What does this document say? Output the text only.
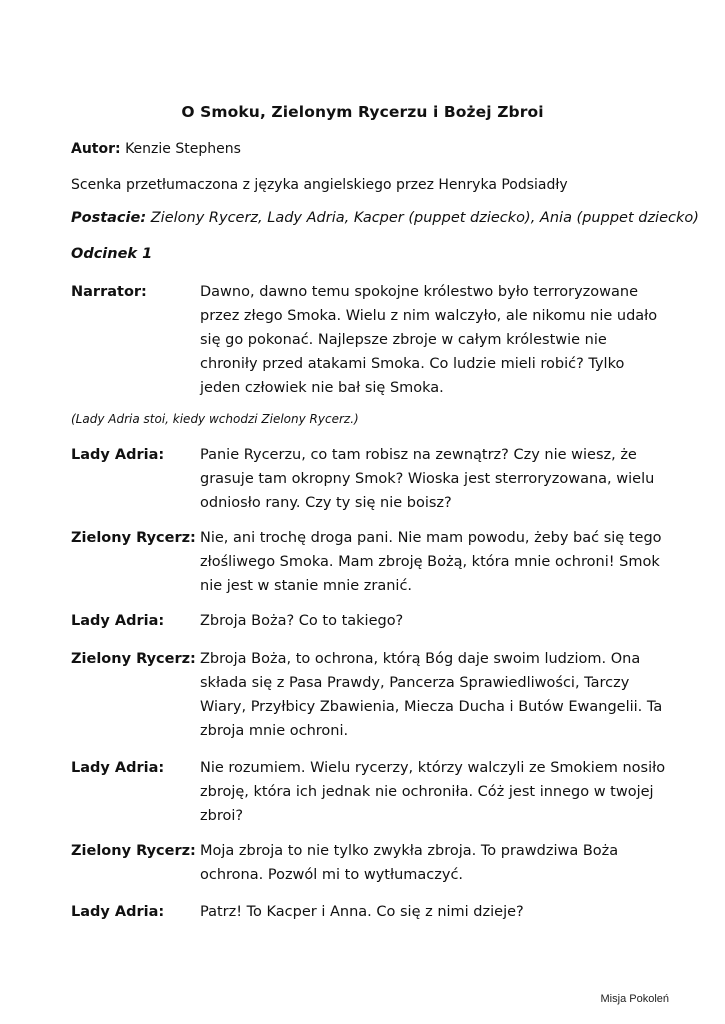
O Smoku, Zielonym Rycerzu i Bożej Zbroi
Autor: Kenzie Stephens
Scenka przetłumaczona z języka angielskiego przez Henryka Podsiadły
Postacie: Zielony Rycerz, Lady Adria, Kacper (puppet dziecko), Ania (puppet dziecko)
Odcinek 1
Narrator:	Dawno, dawno temu spokojne królestwo było terroryzowane przez złego Smoka. Wielu z nim walczyło, ale nikomu nie udało się go pokonać. Najlepsze zbroje w całym królestwie nie chroniły przed atakami Smoka. Co ludzie mieli robić? Tylko jeden człowiek nie bał się Smoka.
(Lady Adria stoi, kiedy wchodzi Zielony Rycerz.)
Lady Adria:	Panie Rycerzu, co tam robisz na zewnątrz? Czy nie wiesz, że grasuje tam okropny Smok? Wioska jest sterroryzowana, wielu odniosło rany. Czy ty się nie boisz?
Zielony Rycerz: Nie, ani trochę droga pani. Nie mam powodu, żeby bać się tego złośliwego Smoka. Mam zbroję Bożą, która mnie ochroni! Smok nie jest w stanie mnie zranić.
Lady Adria:	Zbroja Boża? Co to takiego?
Zielony Rycerz: Zbroja Boża, to ochrona, którą Bóg daje swoim ludziom. Ona składa się z Pasa Prawdy, Pancerza Sprawiedliwości, Tarczy Wiary, Przyłbicy Zbawienia, Miecza Ducha i Butów Ewangelii. Ta zbroja mnie ochroni.
Lady Adria:	Nie rozumiem. Wielu rycerzy, którzy walczyli ze Smokiem nosiło zbroję, która ich jednak nie ochroniła. Cóż jest innego w twojej zbroi?
Zielony Rycerz: Moja zbroja to nie tylko zwykła zbroja. To prawdziwa Boża ochrona. Pozwól mi to wytłumaczyć.
Lady Adria:	Patrz! To Kacper i Anna. Co się z nimi dzieje?
Misja Pokoleń
